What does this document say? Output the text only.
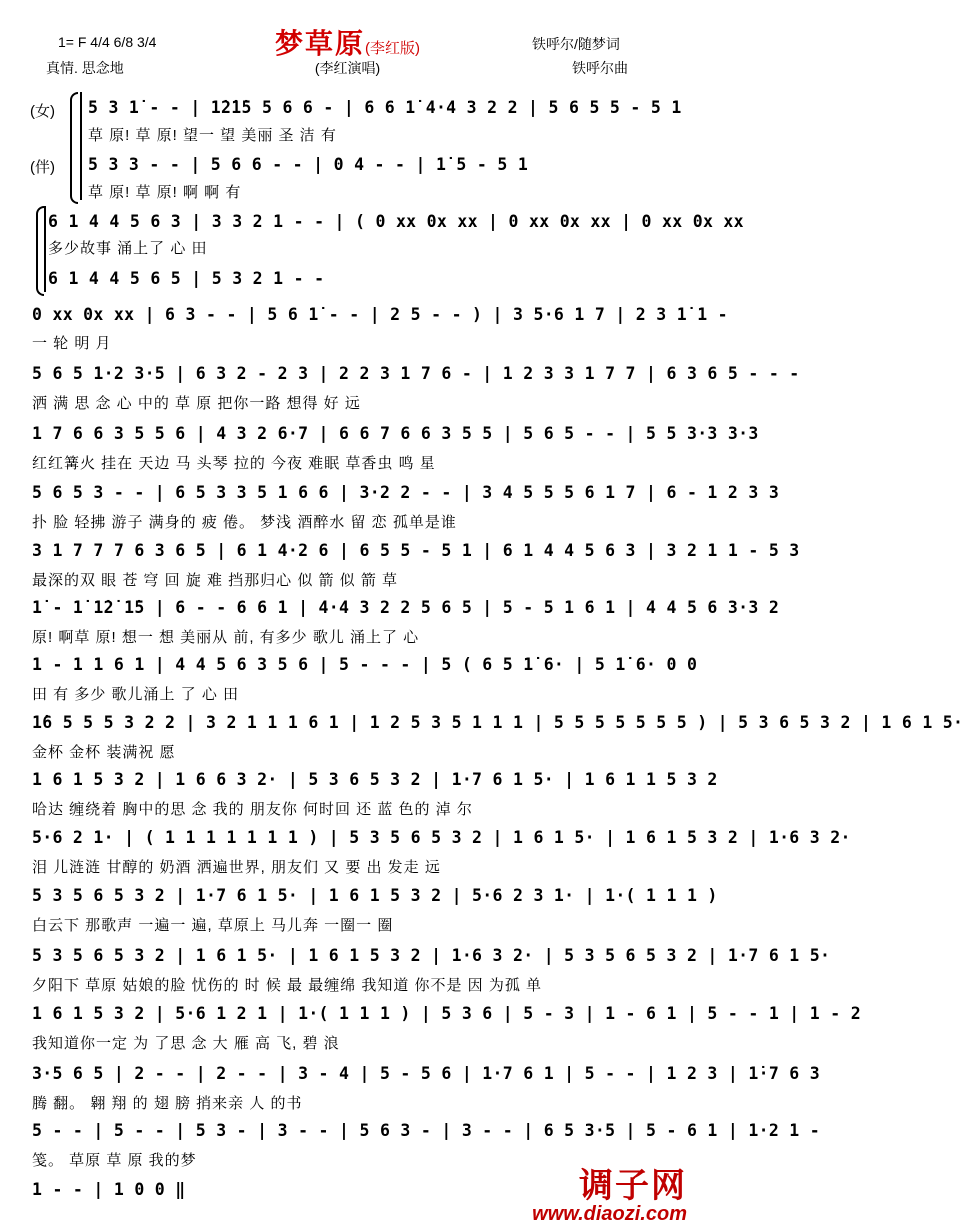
1= F 4/4 6/8 3/4	梦草原(李红版)	铁呼尔/随梦词
真情. 思念地	(李红演唱)	铁呼尔曲
(女)
(伴)
5 3 1̇ - - | 1̇2̇1̇5 5 6 6 - | 6 6 1̇ 4·4 3 2 2 | 5 6 5 5 - 5 1
草 原! 草 原! 望一 望 美丽 圣 洁 有
5 3 3 - - | 5 6 6 - - | 0 4 - - | 1̇ 5 - 5 1
草 原! 草 原! 啊 啊 有
6 1 4 4 5 6 3 | 3 3 2 1 - - | ( 0 xx 0x xx | 0 xx 0x xx | 0 xx 0x xx
多少故事 涌上了 心 田
6 1 4 4 5 6 5 | 5 3 2 1 - -
0 xx 0x xx | 6 3 - - | 5 6 1̇ - - | 2 5 - - ) | 3 5·6 1 7 | 2 3 1̇ 1 -
一 轮 明 月
5 6 5 1·2 3·5 | 6 3 2 - 2 3 | 2 2 3 1 7 6 - | 1 2 3 3 1 7 7 | 6 3 6 5 - - -
洒 满 思 念 心 中的 草 原 把你一路 想得 好 远
1 7 6 6 3 5 5 6 | 4 3 2 6·7 | 6 6 7 6 6 3 5 5 | 5 6 5 - - | 5 5 3·3 3·3
红红篝火 挂在 天边 马 头琴 拉的 今夜 难眠 草香虫 鸣 星
5 6 5 3 - - | 6 5 3 3 5 1 6 6 | 3·2 2 - - | 3 4 5 5 5 6 1 7 | 6 - 1 2 3 3
扑 脸 轻拂 游子 满身的 疲 倦。 梦浅 酒醉水 留 恋 孤单是谁
3 1 7 7 7 6 3 6 5 | 6 1 4·2 6 | 6 5 5 - 5 1 | 6 1 4 4 5 6 3 | 3 2 1 1 - 5 3
最深的双 眼 苍 穹 回 旋 难 挡那归心 似 箭 似 箭 草
1̇ - 1̇ 1̇2̇ 1̇5 | 6 - - 6 6 1 | 4·4 3 2 2 5 6 5 | 5 - 5 1 6 1 | 4 4 5 6 3·3 2
原! 啊草 原! 想一 想 美丽从 前, 有多少 歌儿 涌上了 心
1 - 1 1 6 1 | 4 4 5 6 3 5 6 | 5 - - - | 5 ( 6 5 1̇ 6· | 5 1̇ 6· 0 0
田 有 多少 歌儿涌上 了 心 田
1̇6 5 5 5 3 2 2 | 3 2 1 1 1 6 1 | 1 2 5 3 5 1 1 1 | 5 5 5 5 5 5 5 ) | 5 3 6 5 3 2 | 1 6 1 5·
金杯 金杯 装满祝 愿
1 6 1 5 3 2 | 1 6 6 3 2· | 5 3 6 5 3 2 | 1·7 6 1 5· | 1 6 1 1 5 3 2
哈达 缠绕着 胸中的思 念 我的 朋友你 何时回 还 蓝 色的 淖 尔
5·6 2 1· | ( 1 1 1 1 1 1 1 ) | 5 3 5 6 5 3 2 | 1 6 1 5· | 1 6 1 5 3 2 | 1·6 3 2·
泪 儿涟涟 甘醇的 奶酒 洒遍世界, 朋友们 又 要 出 发走 远
5 3 5 6 5 3 2 | 1·7 6 1 5· | 1 6 1 5 3 2 | 5·6 2 3 1· | 1·( 1 1 1 )
白云下 那歌声 一遍一 遍, 草原上 马儿奔 一圈一 圈
5 3 5 6 5 3 2 | 1 6 1 5· | 1 6 1 5 3 2 | 1·6 3 2· | 5 3 5 6 5 3 2 | 1·7 6 1 5·
夕阳下 草原 姑娘的脸 忧伤的 时 候 最 最缠绵 我知道 你不是 因 为孤 单
1 6 1 5 3 2 | 5·6 1 2 1 | 1·( 1 1 1 ) | 5 3 6 | 5 - 3 | 1 - 6 1 | 5 - - 1 | 1 - 2
我知道你一定 为 了思 念 大 雁 高 飞, 碧 浪
3·5 6 5 | 2 - - | 2 - - | 3 - 4 | 5 - 5 6 | 1·7 6 1 | 5 - - | 1 2 3 | 1̇·7 6 3
腾 翻。 翱 翔 的 翅 膀 捎来亲 人 的书
5 - - | 5 - - | 5 3 - | 3 - - | 5 6 3 - | 3 - - | 6 5 3·5 | 5 - 6 1 | 1·2 1 -
笺。 草原 草 原 我的梦
1 - - | 1 0 0 ‖	调子网
www.diaozi.com
